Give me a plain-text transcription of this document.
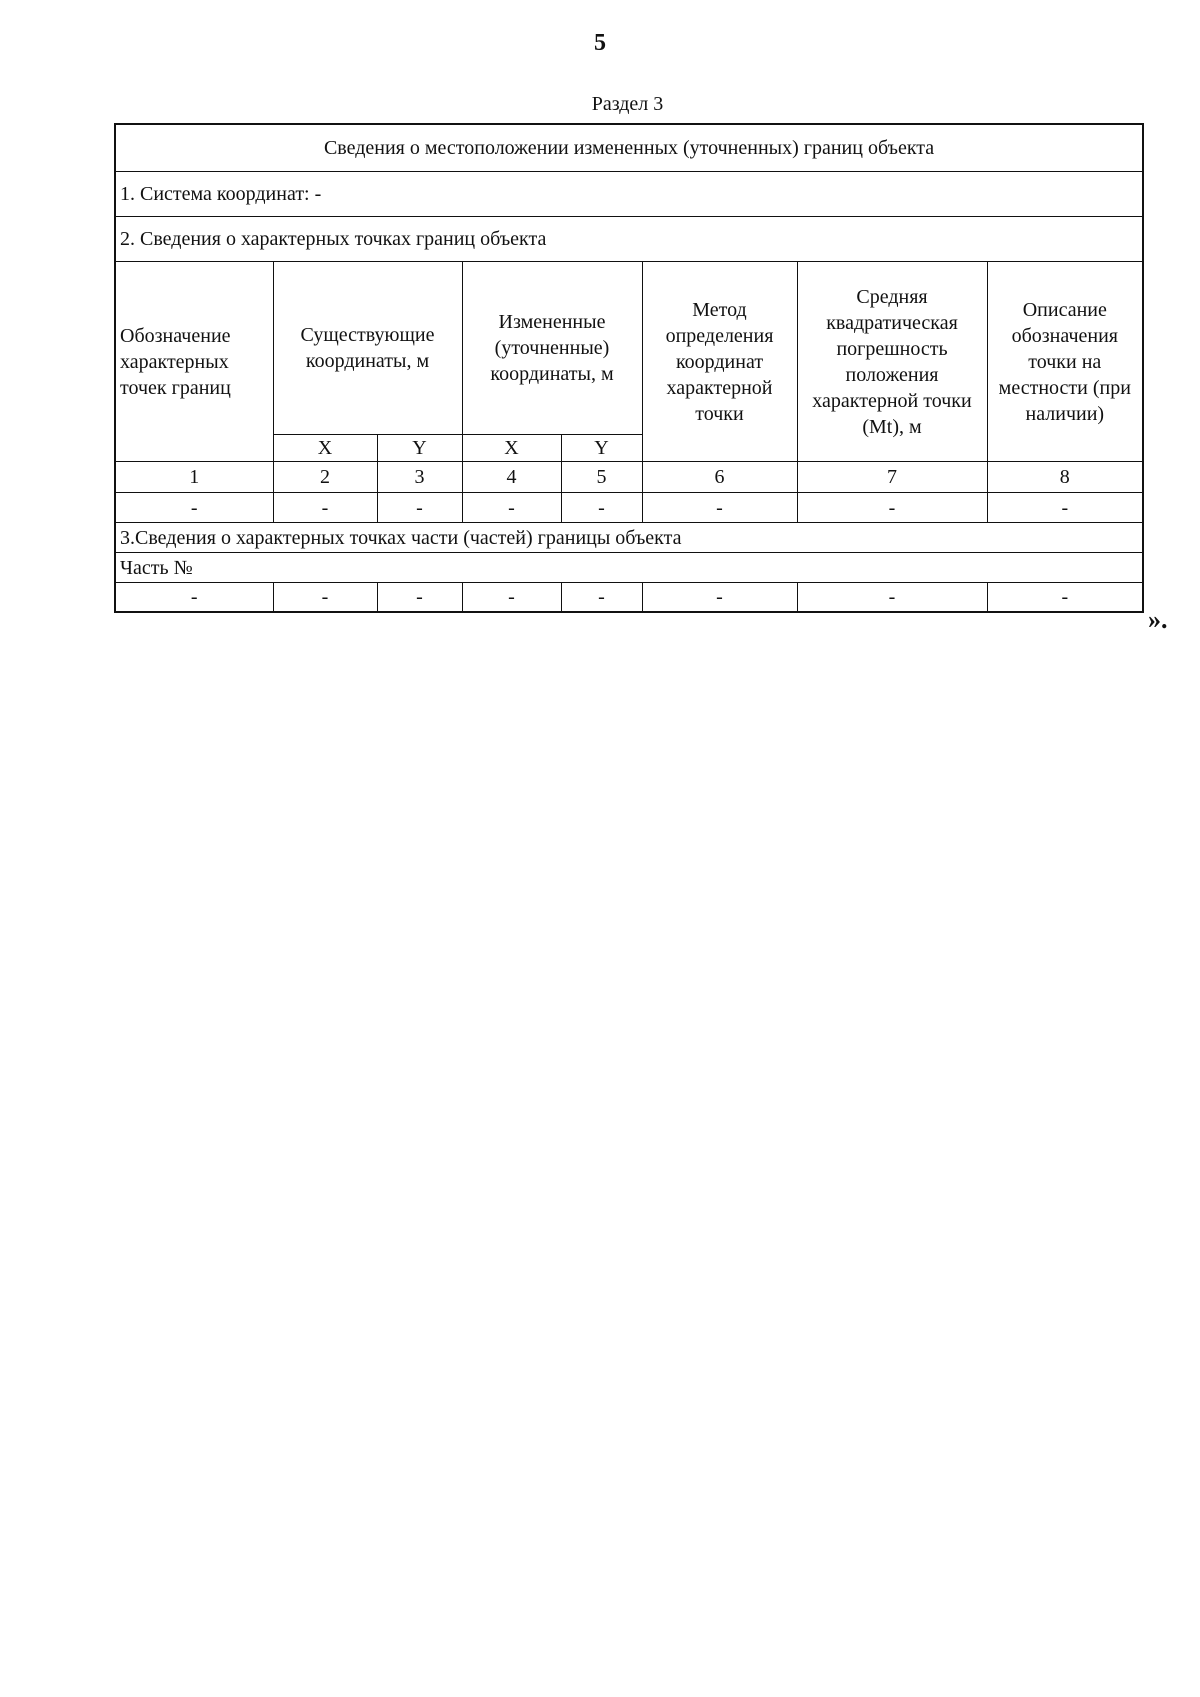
5
Раздел 3
Сведения о местоположении измененных (уточненных) границ объекта							
1. Система координат: -							
2. Сведения о характерных точках границ объекта							
Обозначение характерных точек границ	Существующие координаты, м		Измененные (уточненные) координаты, м		Метод определения координат характерной точки	Средняя квадратическая погрешность положения характерной точки (Mt), м	Описание обозначения точки на местности (при наличии)
	X	Y	X	Y			
1	2	3	4	5	6	7	8
-	-	-	-	-	-	-	-
3.Сведения о характерных точках части (частей) границы объекта							
Часть №							
-	-	-	-	-	-	-	-
».
